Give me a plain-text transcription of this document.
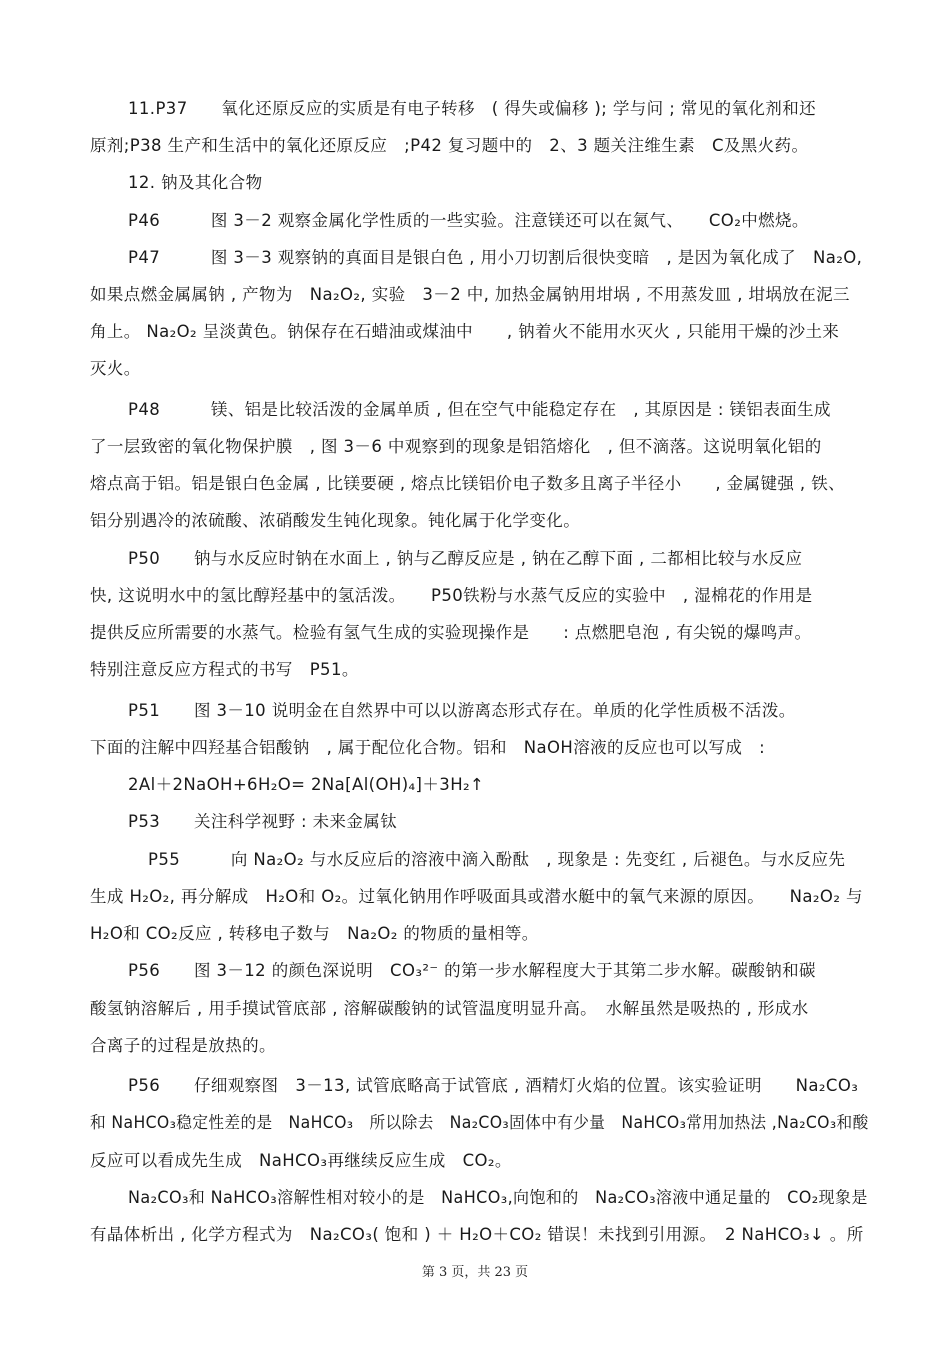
11.P37　　氧化还原反应的实质是有电子转移　( 得失或偏移 ); 学与问 ; 常见的氧化剂和还
原剂;P38 生产和生活中的氧化还原反应　;P42 复习题中的　2、3 题关注维生素　C及黑火药。
12. 钠及其化合物
P46　　　图 3－2 观察金属化学性质的一些实验。注意镁还可以在氮气、　　CO₂中燃烧。
P47　　　图 3－3 观察钠的真面目是银白色 , 用小刀切割后很快变暗　, 是因为氧化成了　Na₂O,
如果点燃金属属钠 , 产物为　Na₂O₂, 实验　3－2 中, 加热金属钠用坩埚 , 不用蒸发皿 , 坩埚放在泥三
角上。 Na₂O₂ 呈淡黄色。钠保存在石蜡油或煤油中　　, 钠着火不能用水灭火 , 只能用干燥的沙土来
灭火。
P48　　　镁、铝是比较活泼的金属单质 , 但在空气中能稳定存在　, 其原因是 : 镁铝表面生成
了一层致密的氧化物保护膜　, 图 3－6 中观察到的现象是铝箔熔化　, 但不滴落。这说明氧化铝的
熔点高于铝。铝是银白色金属 , 比镁要硬 , 熔点比镁铝价电子数多且离子半径小　　, 金属键强 , 铁、
铝分别遇冷的浓硫酸、浓硝酸发生钝化现象。钝化属于化学变化。
P50　　钠与水反应时钠在水面上 , 钠与乙醇反应是 , 钠在乙醇下面 , 二都相比较与水反应
快, 这说明水中的氢比醇羟基中的氢活泼。　　P50铁粉与水蒸气反应的实验中　, 湿棉花的作用是
提供反应所需要的水蒸气。检验有氢气生成的实验现操作是　　: 点燃肥皂泡 , 有尖锐的爆鸣声。
特别注意反应方程式的书写　P51。
P51　　图 3－10 说明金在自然界中可以以游离态形式存在。单质的化学性质极不活泼。
下面的注解中四羟基合铝酸钠　, 属于配位化合物。铝和　NaOH溶液的反应也可以写成　:
2Al＋2NaOH+6H₂O= 2Na[Al(OH)₄]＋3H₂↑
P53　　关注科学视野 : 未来金属钛
P55　　　向 Na₂O₂ 与水反应后的溶液中滴入酚酞　, 现象是 : 先变红 , 后褪色。与水反应先
生成 H₂O₂, 再分解成　H₂O和 O₂。过氧化钠用作呼吸面具或潜水艇中的氧气来源的原因。　　Na₂O₂ 与
H₂O和 CO₂反应 , 转移电子数与　Na₂O₂ 的物质的量相等。
P56　　图 3－12 的颜色深说明　CO₃²⁻ 的第一步水解程度大于其第二步水解。碳酸钠和碳
酸氢钠溶解后 , 用手摸试管底部 , 溶解碳酸钠的试管温度明显升高。　水解虽然是吸热的 , 形成水
合离子的过程是放热的。
P56　　仔细观察图　3－13, 试管底略高于试管底 , 酒精灯火焰的位置。该实验证明　　Na₂CO₃
和 NaHCO₃稳定性差的是　NaHCO₃　所以除去　Na₂CO₃固体中有少量　NaHCO₃常用加热法 ,Na₂CO₃和酸
反应可以看成先生成　NaHCO₃再继续反应生成　CO₂。
Na₂CO₃和 NaHCO₃溶解性相对较小的是　NaHCO₃,向饱和的　Na₂CO₃溶液中通足量的　CO₂现象是
有晶体析出 , 化学方程式为　Na₂CO₃( 饱和 ) ＋ H₂O＋CO₂ 错误！未找到引用源。　2 NaHCO₃↓ 。所
第 3 页，共 23 页
